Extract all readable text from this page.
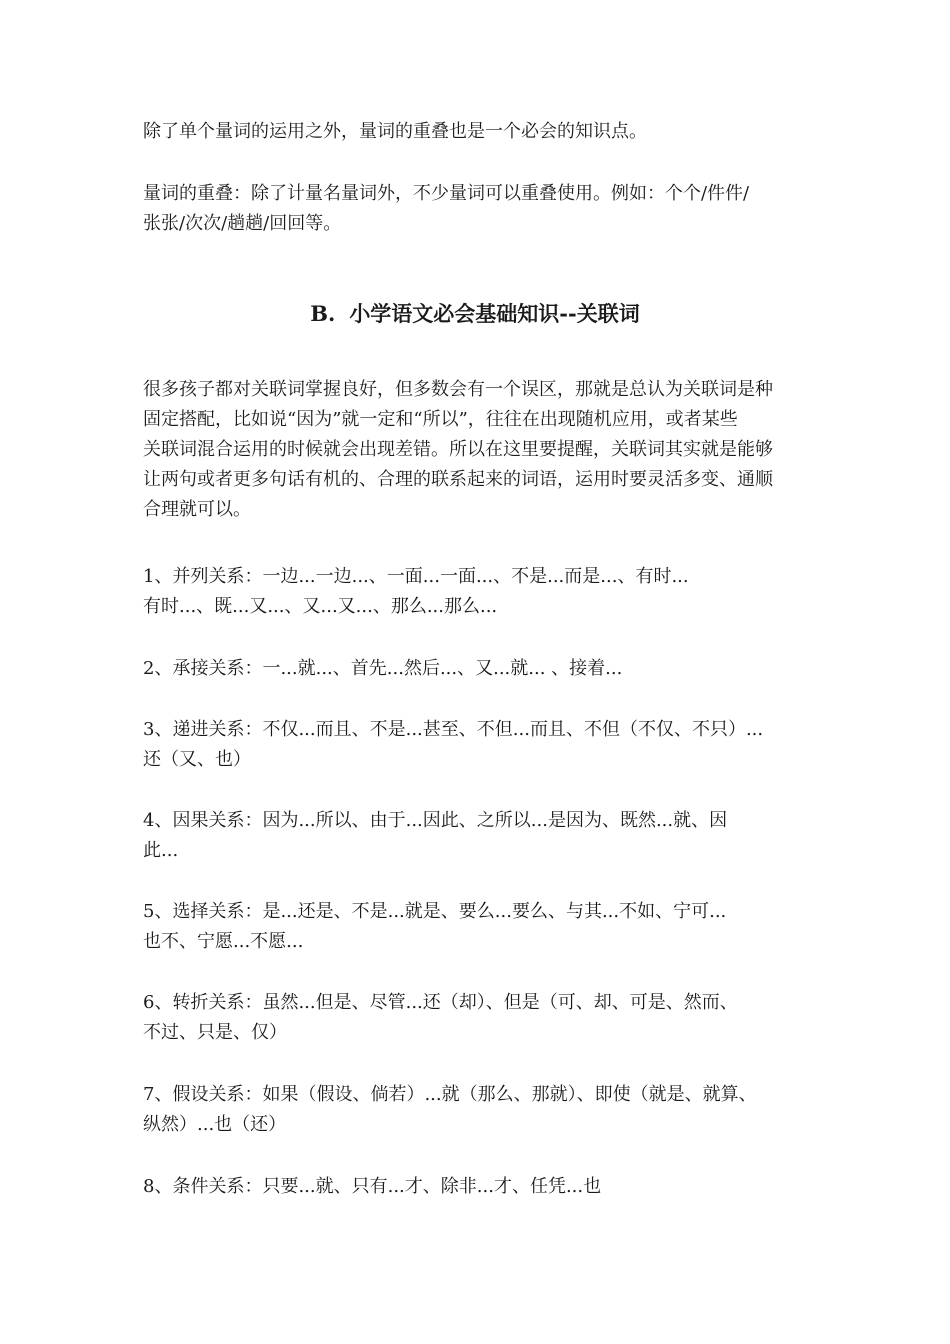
除了单个量词的运用之外，量词的重叠也是一个必会的知识点。

量词的重叠：除了计量名量词外，不少量词可以重叠使用。例如：个个/件件/
张张/次次/趟趟/回回等。

B. 小学语文必会基础知识--关联词

很多孩子都对关联词掌握良好，但多数会有一个误区，那就是总认为关联词是种
固定搭配，比如说“因为”就一定和“所以”，往往在出现随机应用，或者某些
关联词混合运用的时候就会出现差错。所以在这里要提醒，关联词其实就是能够
让两句或者更多句话有机的、合理的联系起来的词语，运用时要灵活多变、通顺
合理就可以。

1、并列关系：一边...一边...、一面...一面...、不是...而是...、有时...
有时...、既...又...、又...又...、那么...那么...

2、承接关系：一...就...、首先...然后...、又...就... 、接着...

3、递进关系：不仅...而且、不是...甚至、不但...而且、不但（不仅、不只）...
还（又、也）

4、因果关系：因为...所以、由于...因此、之所以...是因为、既然...就、因
此...

5、选择关系：是...还是、不是...就是、要么...要么、与其...不如、宁可...
也不、宁愿...不愿...

6、转折关系：虽然...但是、尽管...还（却）、但是（可、却、可是、然而、
不过、只是、仅）

7、假设关系：如果（假设、倘若）...就（那么、那就）、即使（就是、就算、
纵然）...也（还）

8、条件关系：只要...就、只有...才、除非...才、任凭...也
